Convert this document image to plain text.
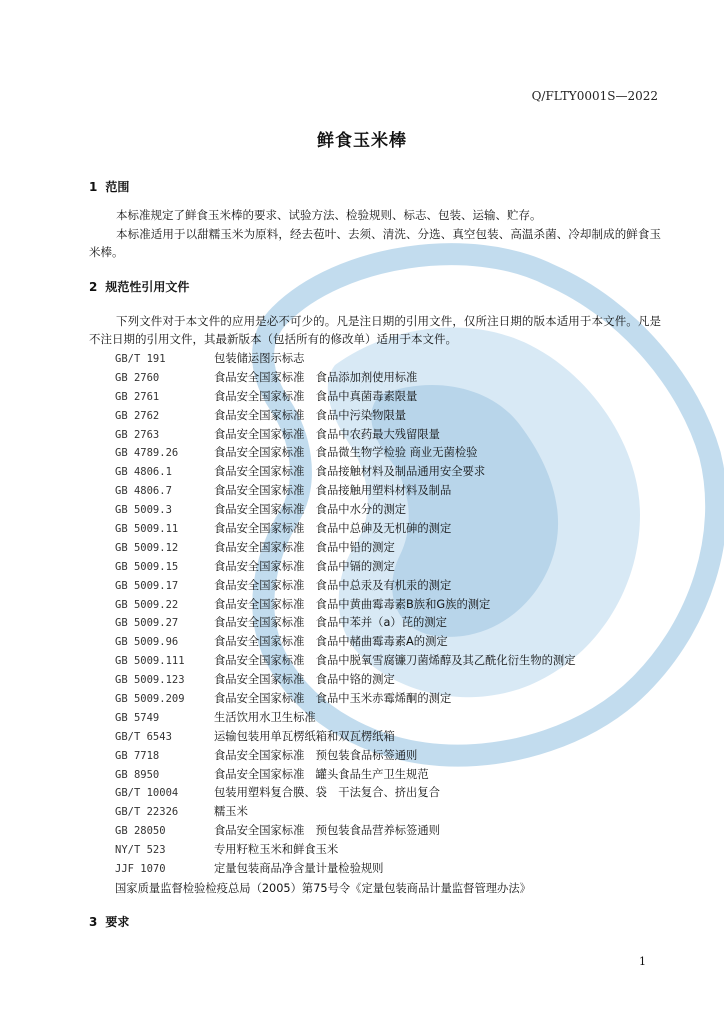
Q/FLTY0001S—2022
鲜食玉米棒
1 范围

本标准规定了鲜食玉米棒的要求、试验方法、检验规则、标志、包装、运输、贮存。

本标准适用于以甜糯玉米为原料，经去苞叶、去须、清洗、分选、真空包装、高温杀菌、冷却制成的鲜食玉米棒。

2 规范性引用文件

下列文件对于本文件的应用是必不可少的。凡是注日期的引用文件，仅所注日期的版本适用于本文件。凡是不注日期的引用文件，其最新版本（包括所有的修改单）适用于本文件。

GB/T 191	包装储运图示标志
GB 2760	食品安全国家标准　食品添加剂使用标准
GB 2761	食品安全国家标准　食品中真菌毒素限量
GB 2762	食品安全国家标准　食品中污染物限量
GB 2763	食品安全国家标准　食品中农药最大残留限量
GB 4789.26	食品安全国家标准　食品微生物学检验 商业无菌检验
GB 4806.1	食品安全国家标准　食品接触材料及制品通用安全要求
GB 4806.7	食品安全国家标准　食品接触用塑料材料及制品
GB 5009.3	食品安全国家标准　食品中水分的测定
GB 5009.11	食品安全国家标准　食品中总砷及无机砷的测定
GB 5009.12	食品安全国家标准　食品中铅的测定
GB 5009.15	食品安全国家标准　食品中镉的测定
GB 5009.17	食品安全国家标准　食品中总汞及有机汞的测定
GB 5009.22	食品安全国家标准　食品中黄曲霉毒素B族和G族的测定
GB 5009.27	食品安全国家标准　食品中苯并（a）芘的测定
GB 5009.96	食品安全国家标准　食品中赭曲霉毒素A的测定
GB 5009.111	食品安全国家标准　食品中脱氧雪腐镰刀菌烯醇及其乙酰化衍生物的测定
GB 5009.123	食品安全国家标准　食品中铬的测定
GB 5009.209	食品安全国家标准　食品中玉米赤霉烯酮的测定
GB 5749	生活饮用水卫生标准
GB/T 6543	运输包装用单瓦楞纸箱和双瓦楞纸箱
GB 7718	食品安全国家标准　预包装食品标签通则
GB 8950	食品安全国家标准　罐头食品生产卫生规范
GB/T 10004	包装用塑料复合膜、袋　干法复合、挤出复合
GB/T 22326	糯玉米
GB 28050	食品安全国家标准　预包装食品营养标签通则
NY/T 523	专用籽粒玉米和鲜食玉米
JJF 1070	定量包装商品净含量计量检验规则
国家质量监督检验检疫总局（2005）第75号令《定量包装商品计量监督管理办法》
3 要求
1
